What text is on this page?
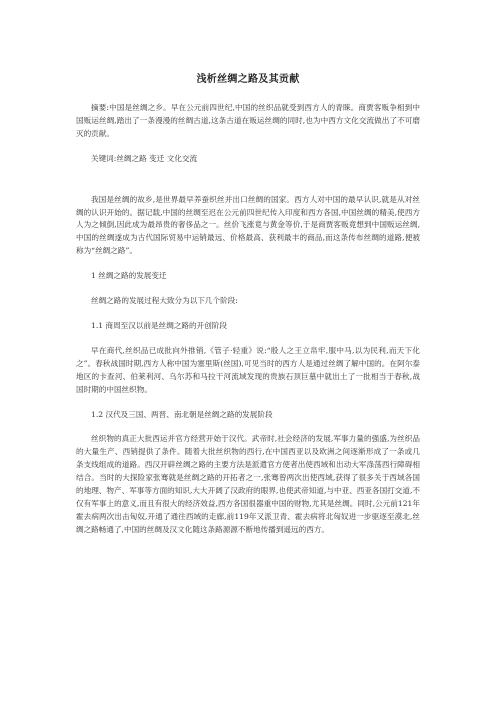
浅析丝绸之路及其贡献

摘要:中国是丝绸之乡。早在公元前四世纪,中国的丝织品就受到西方人的青睐。商贾客贩争相到中国贩运丝绸,踏出了一条漫漫的丝绸古道,这条古道在贩运丝绸的同时,也为中西方文化交流做出了不可磨灭的贡献。

关键词:丝绸之路 变迁 文化交流

我国是丝绸的故乡,是世界最早养蚕织丝并出口丝绸的国家。西方人对中国的最早认识,就是从对丝绸的认识开始的。据记载,中国的丝绸至迟在公元前四世纪传入印度和西方各国,中国丝绸的精美,使西方人为之倾倒,因此成为最昂贵的奢侈品之一。丝价飞涨竟与黄金等价,于是商贾客贩竟想到中国贩运丝绸,中国的丝绸遂成为古代国际贸易中运销最远、价格最高、获利最丰的商品,而这条传布丝绸的道路,便被称为“丝绸之路”。

1 丝绸之路的发展变迁

丝绸之路的发展过程大致分为以下几个阶段:

1.1 商周至汉以前是丝绸之路的开创阶段

早在商代,丝织品已成批向外推销,《管子·轻重》说:“殷人之王立帛牢,服中马,以为民利,而天下化之”。春秋战国时期,西方人称中国为塞里斯(丝国),可见当时的西方人是通过丝绸了解中国的。在阿尔泰地区的卡查河、伯莱利河、乌尔苏和马拉干河流域发现的贵族石顶巨墓中就出土了一批相当于春秋,战国时期的中国丝织物。

1.2 汉代及三国、两晋、南北朝是丝绸之路的发展阶段

丝织物的真正大批西运并官方经营开始于汉代。武帝时,社会经济的发展,军事力量的强盛,为丝织品的大量生产、西销提供了条件。随着大批丝织物的西行,在中国西亚以及欧洲之间逐渐形成了一条或几条支线组成的道路。西汉开辟丝绸之路的主要方法是派遣官方使者出使西域和出动大军涤荡西行障碍相结合。当时的大探险家张骞就是丝绸之路的开拓者之一,张骞曾两次出使西域,获得了很多关于西域各国的地理、物产、军事等方面的知识,大大开阔了汉政府的眼界,也使武帝知道,与中亚、西亚各国打交道,不仅有军事上的意义,而且有很大的经济效益,西方各国很器重中国的财物,尤其是丝绸。同时,公元前121年霍去病两次出击匈奴,开通了通往西域的走廊,前119年又派卫青、霍去病将北匈奴进一步驱逐至漠北,丝绸之路畅通了,中国的丝绸及汉文化随这条路源源不断地传播到遥远的西方。
